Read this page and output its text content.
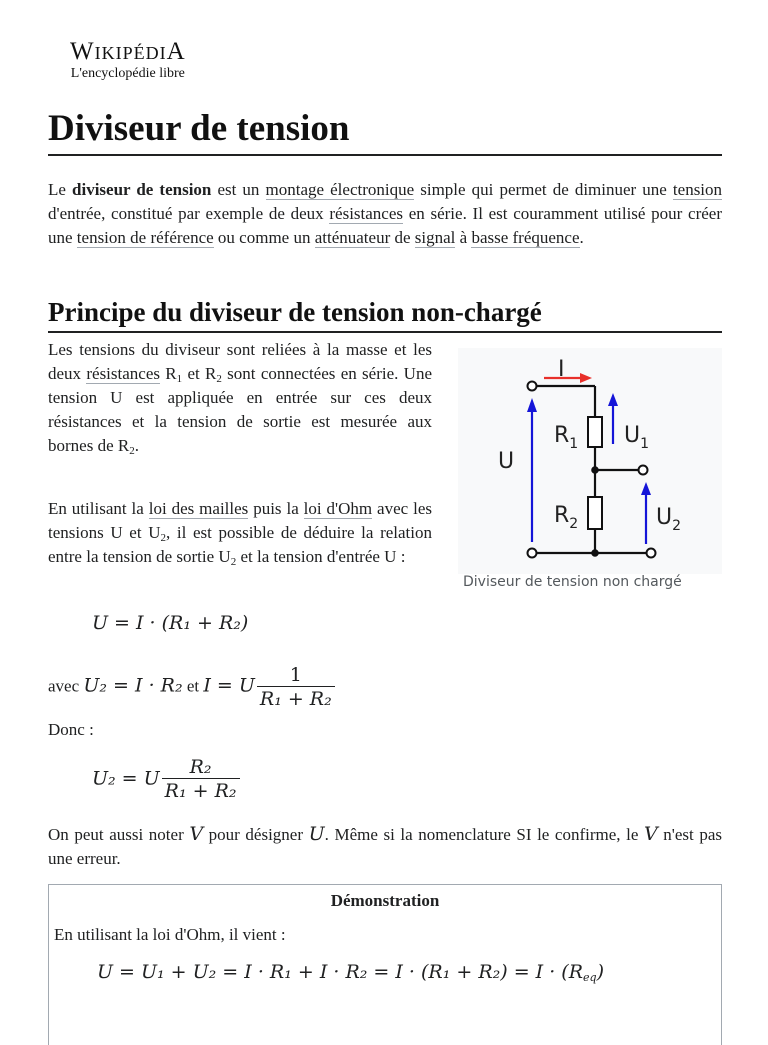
WIKIPÉDIA
L'encyclopédie libre
Diviseur de tension

Le diviseur de tension est un montage électronique simple qui permet de diminuer une tension d'entrée, constitué par exemple de deux résistances en série. Il est couramment utilisé pour créer une tension de référence ou comme un atténuateur de signal à basse fréquence.

Principe du diviseur de tension non-chargé

Les tensions du diviseur sont reliées à la masse et les deux résistances $R_1$ et $R_2$ sont connectées en série. Une tension U est appliquée en entrée sur ces deux résistances et la tension de sortie est mesurée aux bornes de $R_2$.

En utilisant la loi des mailles puis la loi d'Ohm avec les tensions U et $U_2$, il est possible de déduire la relation entre la tension de sortie $U_2$ et la tension d'entrée U :

I
$R_1$ $U_1$
U
$R_2$	$U_2$
Diviseur de tension non chargé
U = I · (R₁ + R₂)
avec U₂ = I · R₂ et I = U $\frac{1}{\text{R₁ + R₂}}$
Donc :
U₂ = U $\frac{\text{R₂}}{\text{R₁ + R₂}}$

On peut aussi noter V pour désigner U. Même si la nomenclature SI le confirme, le V n'est pas une erreur.

Démonstration
En utilisant la loi d'Ohm, il vient :
$U = U_1 + U_2 = I \cdot R_1 + I \cdot R_2 = I \cdot (R_1 + R_2) = I \cdot (R_{eq})$
